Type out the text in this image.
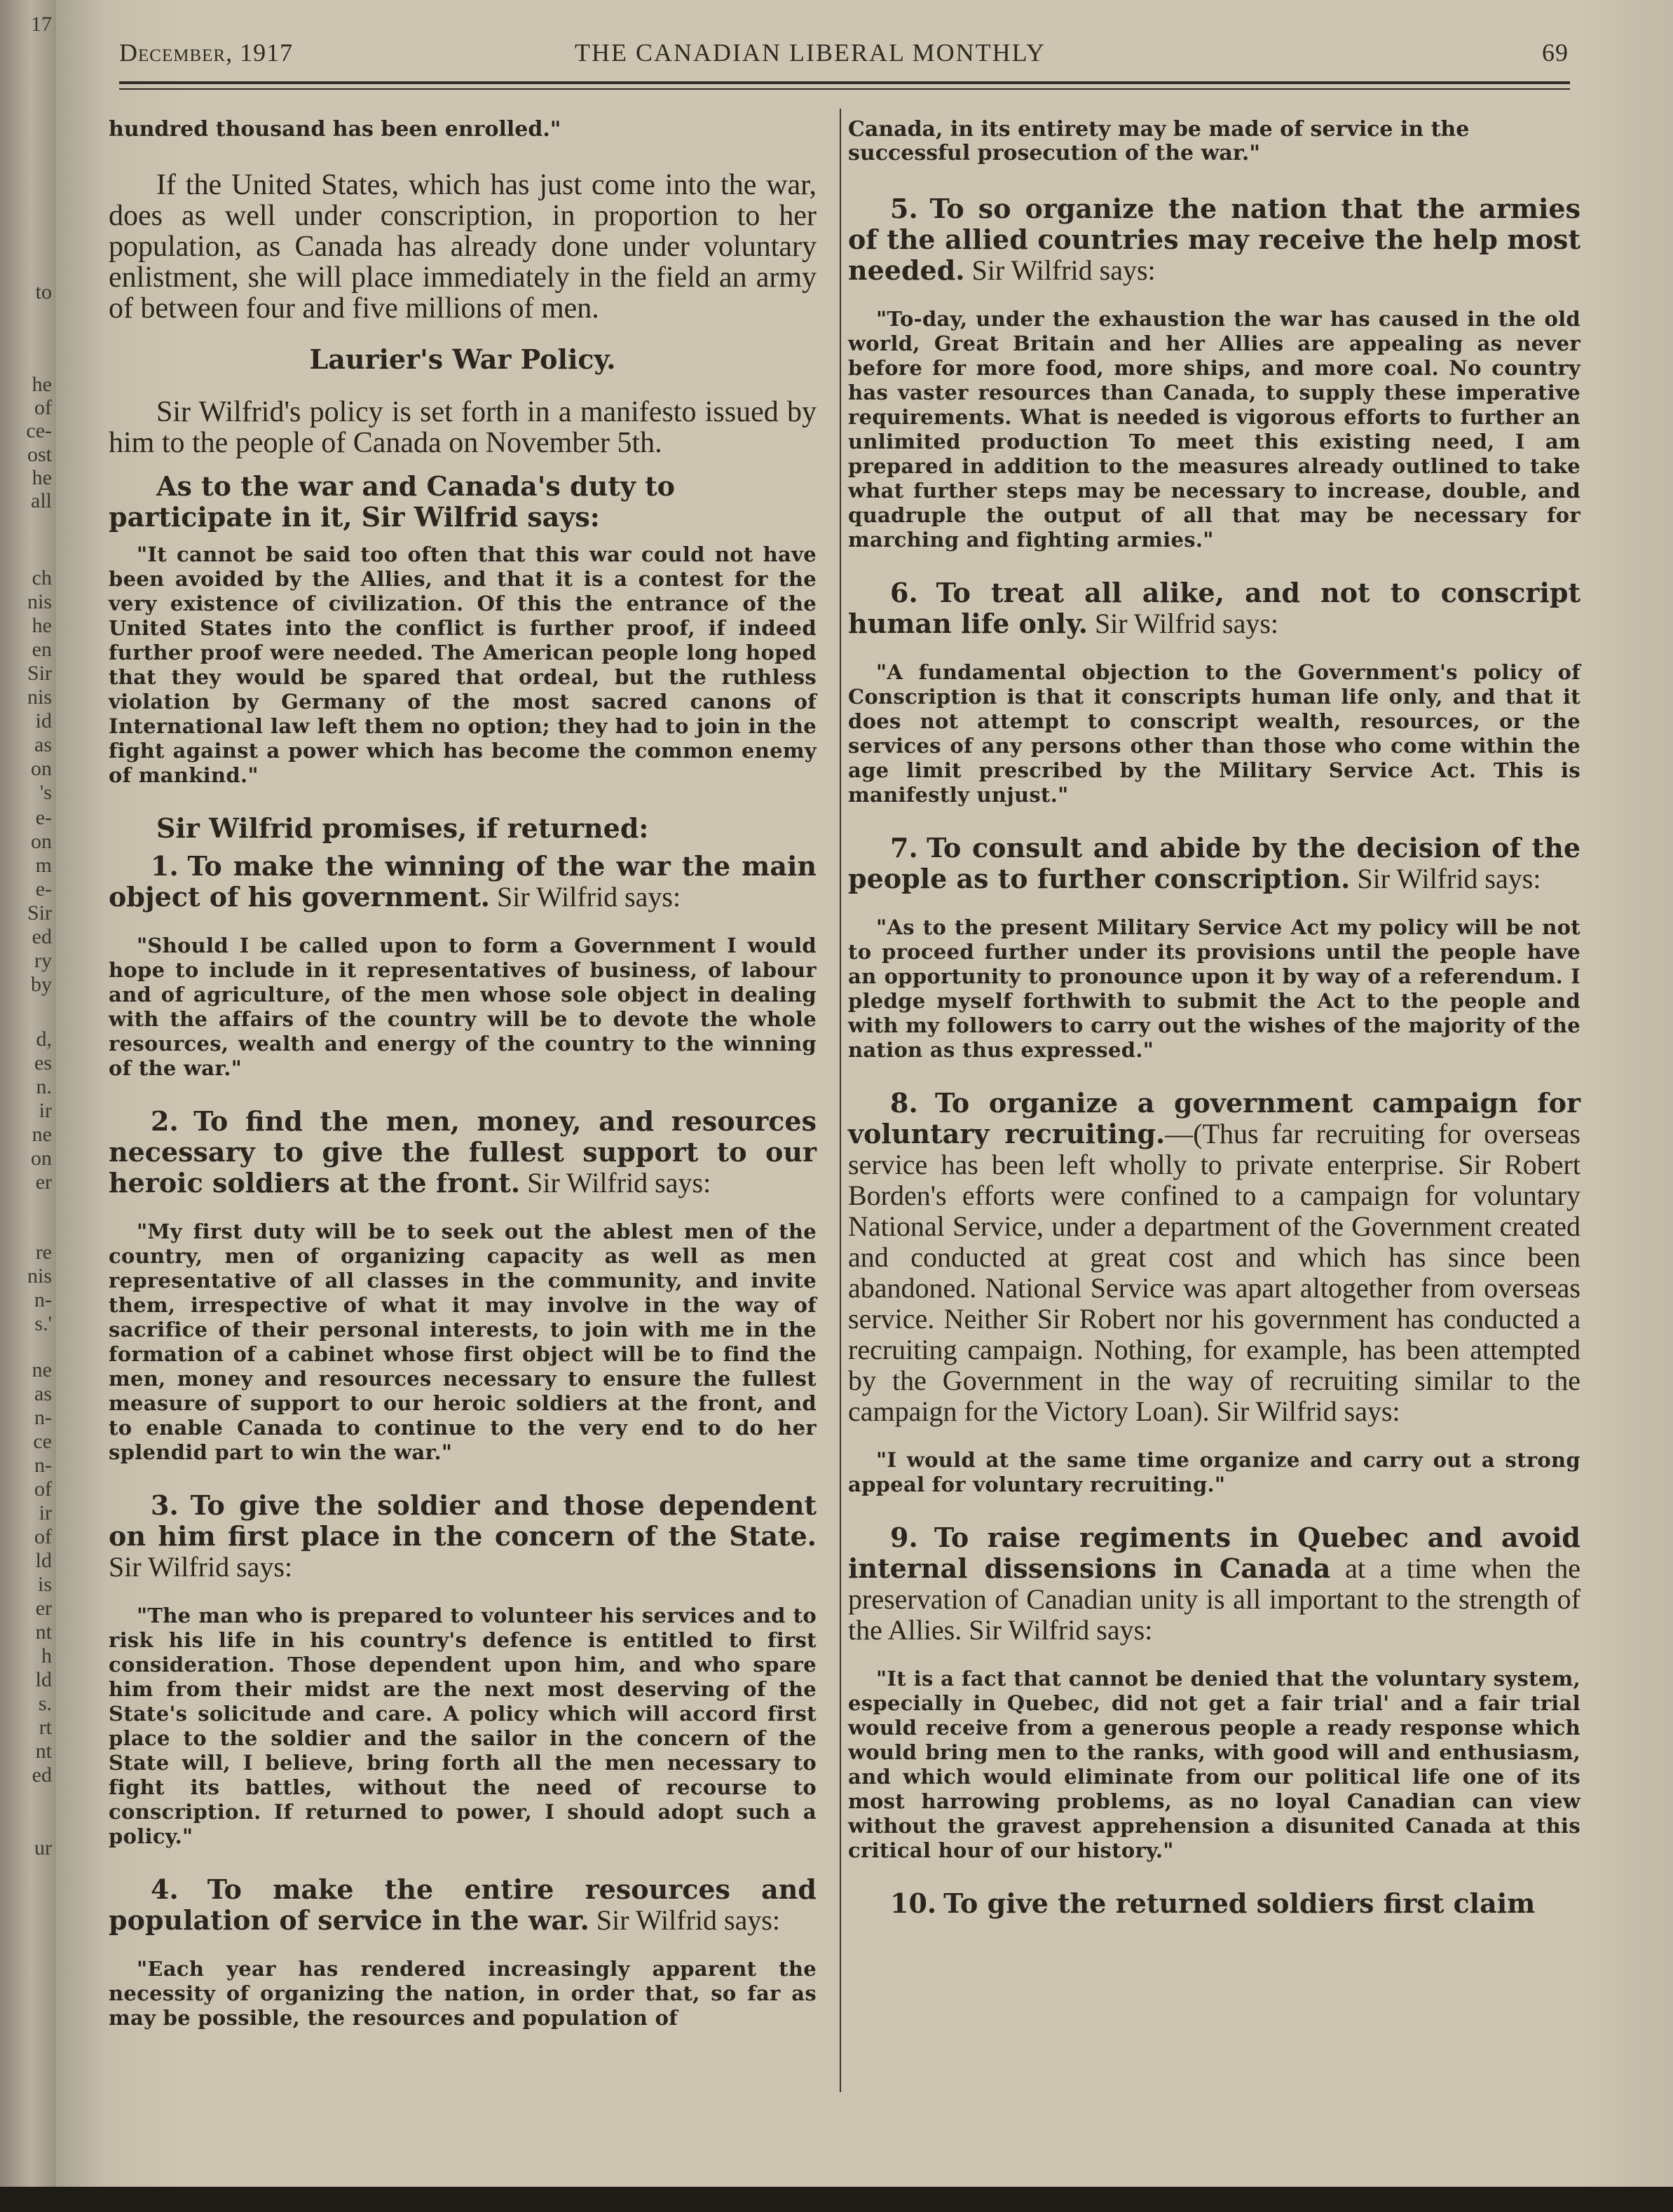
17
to
he
of
ce-
ost
he
all
ch
nis
he
en
Sir
nis
id
as
on
's
e-
on
m
e-
Sir
ed
ry
by
d,
es
n.
ir
ne
on
er
re
nis
n-
s.'
ne
as
n-
ce
n-
of
ir
of
ld
is
er
nt
h
ld
s.
rt
nt
ed
ur
December, 1917	THE CANADIAN LIBERAL MONTHLY	69

hundred thousand has been enrolled."

If the United States, which has just come into the war, does as well under conscription, in proportion to her population, as Canada has already done under voluntary enlistment, she will place immediately in the field an army of between four and five millions of men.

Laurier's War Policy.

Sir Wilfrid's policy is set forth in a manifesto issued by him to the people of Canada on November 5th.

As to the war and Canada's duty to participate in it, Sir Wilfrid says:

"It cannot be said too often that this war could not have been avoided by the Allies, and that it is a contest for the very existence of civilization. Of this the entrance of the United States into the conflict is further proof, if indeed further proof were needed. The American people long hoped that they would be spared that ordeal, but the ruthless violation by Germany of the most sacred canons of International law left them no option; they had to join in the fight against a power which has become the common enemy of mankind."

Sir Wilfrid promises, if returned:

1. To make the winning of the war the main object of his government. Sir Wilfrid says:

"Should I be called upon to form a Government I would hope to include in it representatives of business, of labour and of agriculture, of the men whose sole object in dealing with the affairs of the country will be to devote the whole resources, wealth and energy of the country to the winning of the war."

2. To find the men, money, and resources necessary to give the fullest support to our heroic soldiers at the front. Sir Wilfrid says:

"My first duty will be to seek out the ablest men of the country, men of organizing capacity as well as men representative of all classes in the community, and invite them, irrespective of what it may involve in the way of sacrifice of their personal interests, to join with me in the formation of a cabinet whose first object will be to find the men, money and resources necessary to ensure the fullest measure of support to our heroic soldiers at the front, and to enable Canada to continue to the very end to do her splendid part to win the war."

3. To give the soldier and those dependent on him first place in the concern of the State. Sir Wilfrid says:

"The man who is prepared to volunteer his services and to risk his life in his country's defence is entitled to first consideration. Those dependent upon him, and who spare him from their midst are the next most deserving of the State's solicitude and care. A policy which will accord first place to the soldier and the sailor in the concern of the State will, I believe, bring forth all the men necessary to fight its battles, without the need of recourse to conscription. If returned to power, I should adopt such a policy."

4. To make the entire resources and population of service in the war. Sir Wilfrid says:

"Each year has rendered increasingly apparent the necessity of organizing the nation, in order that, so far as may be possible, the resources and population of

Canada, in its entirety may be made of service in the successful prosecution of the war."

5. To so organize the nation that the armies of the allied countries may receive the help most needed. Sir Wilfrid says:

"To-day, under the exhaustion the war has caused in the old world, Great Britain and her Allies are appealing as never before for more food, more ships, and more coal. No country has vaster resources than Canada, to supply these imperative requirements. What is needed is vigorous efforts to further an unlimited production To meet this existing need, I am prepared in addition to the measures already outlined to take what further steps may be necessary to increase, double, and quadruple the output of all that may be necessary for marching and fighting armies."

6. To treat all alike, and not to conscript human life only. Sir Wilfrid says:

"A fundamental objection to the Government's policy of Conscription is that it conscripts human life only, and that it does not attempt to conscript wealth, resources, or the services of any persons other than those who come within the age limit prescribed by the Military Service Act. This is manifestly unjust."

7. To consult and abide by the decision of the people as to further conscription. Sir Wilfrid says:

"As to the present Military Service Act my policy will be not to proceed further under its provisions until the people have an opportunity to pronounce upon it by way of a referendum. I pledge myself forthwith to submit the Act to the people and with my followers to carry out the wishes of the majority of the nation as thus expressed."

8. To organize a government campaign for voluntary recruiting.—(Thus far recruiting for overseas service has been left wholly to private enterprise. Sir Robert Borden's efforts were confined to a campaign for voluntary National Service, under a department of the Government created and conducted at great cost and which has since been abandoned. National Service was apart altogether from overseas service. Neither Sir Robert nor his government has conducted a recruiting campaign. Nothing, for example, has been attempted by the Government in the way of recruiting similar to the campaign for the Victory Loan). Sir Wilfrid says:

"I would at the same time organize and carry out a strong appeal for voluntary recruiting."

9. To raise regiments in Quebec and avoid internal dissensions in Canada at a time when the preservation of Canadian unity is all important to the strength of the Allies. Sir Wilfrid says:

"It is a fact that cannot be denied that the voluntary system, especially in Quebec, did not get a fair trial' and a fair trial would receive from a generous people a ready response which would bring men to the ranks, with good will and enthusiasm, and which would eliminate from our political life one of its most harrowing problems, as no loyal Canadian can view without the gravest apprehension a disunited Canada at this critical hour of our history."

10. To give the returned soldiers first claim
